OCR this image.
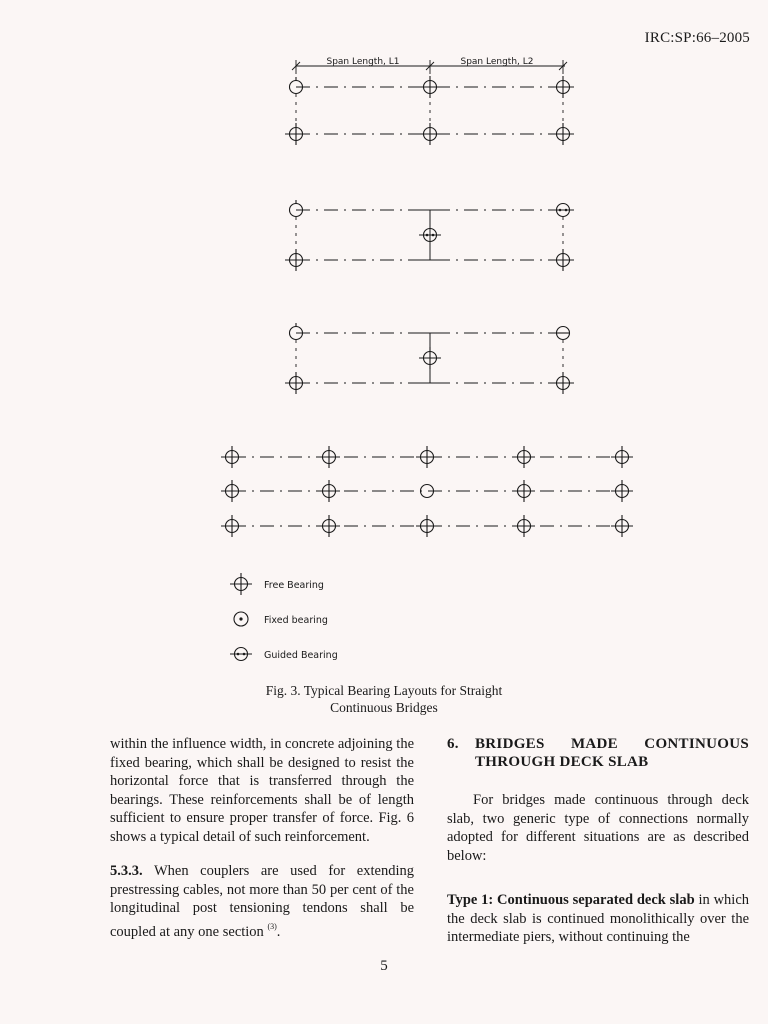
IRC:SP:66–2005
Span Length, L1	Span Length, L2
Free Bearing
Fixed bearing
Guided Bearing
Fig. 3. Typical Bearing Layouts for Straight
Continuous Bridges

within the influence width, in concrete adjoining the fixed bearing, which shall be designed to resist the horizontal force that is transferred through the bearings. These reinforcements shall be of length sufficient to ensure proper transfer of force. Fig. 6 shows a typical detail of such reinforcement.

5.3.3. When couplers are used for extending prestressing cables, not more than 50 per cent of the longitudinal post tensioning tendons shall be coupled at any one section $^{(3)}$.

6.	BRIDGES MADE CONTINUOUS THROUGH DECK SLAB

For bridges made continuous through deck slab, two generic type of connections normally adopted for different situations are as described below:

Type 1: Continuous separated deck slab in which the deck slab is continued monolithically over the intermediate piers, without continuing the

5
